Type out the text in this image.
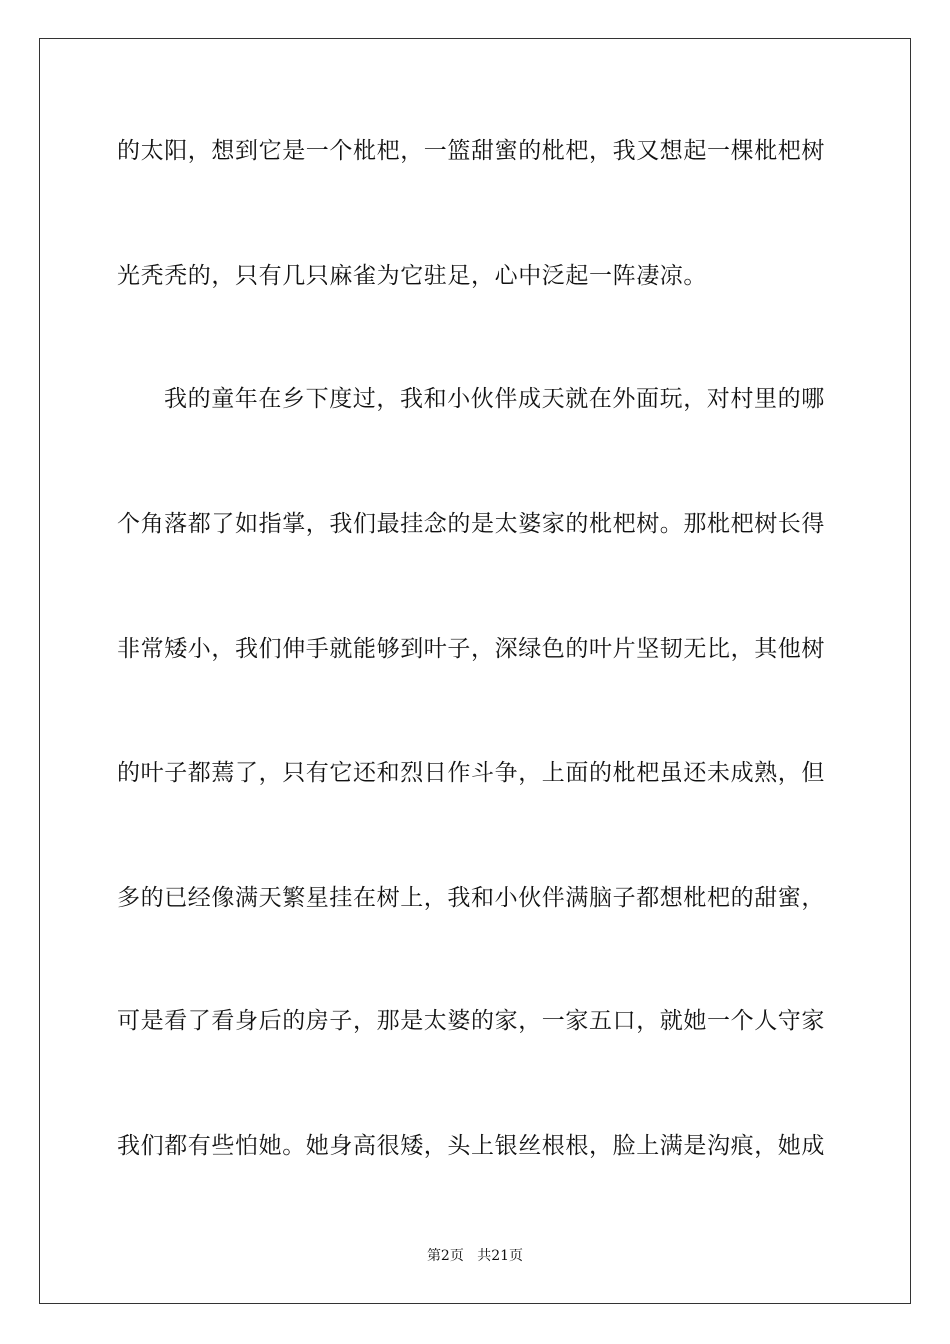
的太阳，想到它是一个枇杷，一篮甜蜜的枇杷，我又想起一棵枇杷树
光秃秃的，只有几只麻雀为它驻足，心中泛起一阵凄凉。
我的童年在乡下度过，我和小伙伴成天就在外面玩，对村里的哪
个角落都了如指掌，我们最挂念的是太婆家的枇杷树。那枇杷树长得
非常矮小，我们伸手就能够到叶子，深绿色的叶片坚韧无比，其他树
的叶子都蔫了，只有它还和烈日作斗争，上面的枇杷虽还未成熟，但
多的已经像满天繁星挂在树上，我和小伙伴满脑子都想枇杷的甜蜜，
可是看了看身后的房子，那是太婆的家，一家五口，就她一个人守家
我们都有些怕她。她身高很矮，头上银丝根根，脸上满是沟痕，她成
第2页 共21页
